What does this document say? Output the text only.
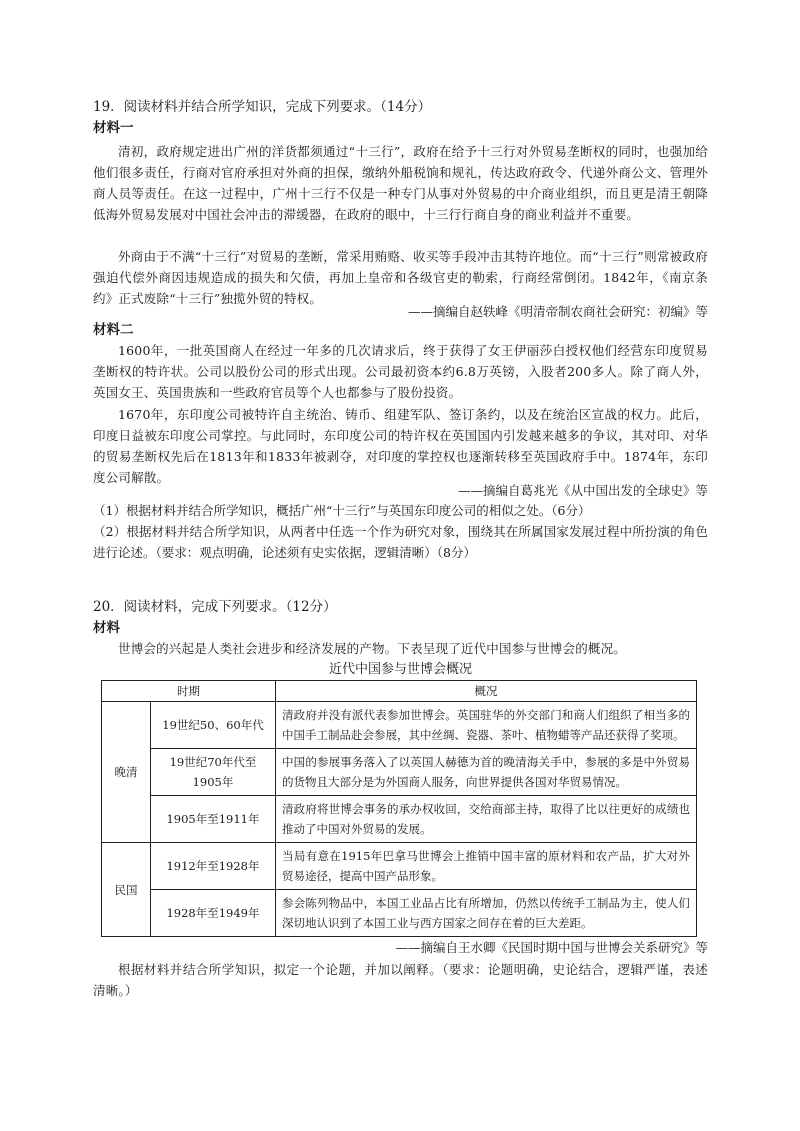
19．阅读材料并结合所学知识，完成下列要求。（14分）
材料一
清初，政府规定进出广州的洋货都须通过“十三行”，政府在给予十三行对外贸易垄断权的同时，也强加给他们很多责任，行商对官府承担对外商的担保，缴纳外船税饷和规礼，传达政府政令、代递外商公文、管理外商人员等责任。在这一过程中，广州十三行不仅是一种专门从事对外贸易的中介商业组织，而且更是清王朝降低海外贸易发展对中国社会冲击的滞缓器，在政府的眼中，十三行行商自身的商业利益并不重要。
外商由于不满“十三行”对贸易的垄断，常采用贿赂、收买等手段冲击其特许地位。而“十三行”则常被政府强迫代偿外商因违规造成的损失和欠债，再加上皇帝和各级官吏的勒索，行商经常倒闭。1842年，《南京条约》正式废除“十三行”独揽外贸的特权。
——摘编自赵轶峰《明清帝制农商社会研究：初编》等
材料二
1600年，一批英国商人在经过一年多的几次请求后，终于获得了女王伊丽莎白授权他们经营东印度贸易垄断权的特许状。公司以股份公司的形式出现。公司最初资本约6.8万英镑，入股者200多人。除了商人外，英国女王、英国贵族和一些政府官员等个人也都参与了股份投资。
1670年，东印度公司被特许自主统治、铸币、组建军队、签订条约，以及在统治区宣战的权力。此后，印度日益被东印度公司掌控。与此同时，东印度公司的特许权在英国国内引发越来越多的争议，其对印、对华的贸易垄断权先后在1813年和1833年被剥夺，对印度的掌控权也逐渐转移至英国政府手中。1874年，东印度公司解散。
——摘编自葛兆光《从中国出发的全球史》等
（1）根据材料并结合所学知识，概括广州“十三行”与英国东印度公司的相似之处。（6分）
（2）根据材料并结合所学知识，从两者中任选一个作为研究对象，围绕其在所属国家发展过程中所扮演的角色进行论述。（要求：观点明确，论述须有史实依据，逻辑清晰）（8分）
20．阅读材料，完成下列要求。（12分）
材料
世博会的兴起是人类社会进步和经济发展的产物。下表呈现了近代中国参与世博会的概况。
近代中国参与世博会概况
时期		概况
晚清	19世纪50、60年代	清政府并没有派代表参加世博会。英国驻华的外交部门和商人们组织了相当多的中国手工制品赴会参展，其中丝绸、瓷器、茶叶、植物蜡等产品还获得了奖项。
	19世纪70年代至1905年	中国的参展事务落入了以英国人赫德为首的晚清海关手中，参展的多是中外贸易的货物且大部分是为外国商人服务，向世界提供各国对华贸易情况。
	1905年至1911年	清政府将世博会事务的承办权收回，交给商部主持，取得了比以往更好的成绩也推动了中国对外贸易的发展。
民国	1912年至1928年	当局有意在1915年巴拿马世博会上推销中国丰富的原材料和农产品，扩大对外贸易途径，提高中国产品形象。
	1928年至1949年	参会陈列物品中，本国工业品占比有所增加，仍然以传统手工制品为主，使人们深切地认识到了本国工业与西方国家之间存在着的巨大差距。
——摘编自王水卿《民国时期中国与世博会关系研究》等
根据材料并结合所学知识，拟定一个论题，并加以阐释。（要求：论题明确，史论结合，逻辑严谨，表述清晰。）
